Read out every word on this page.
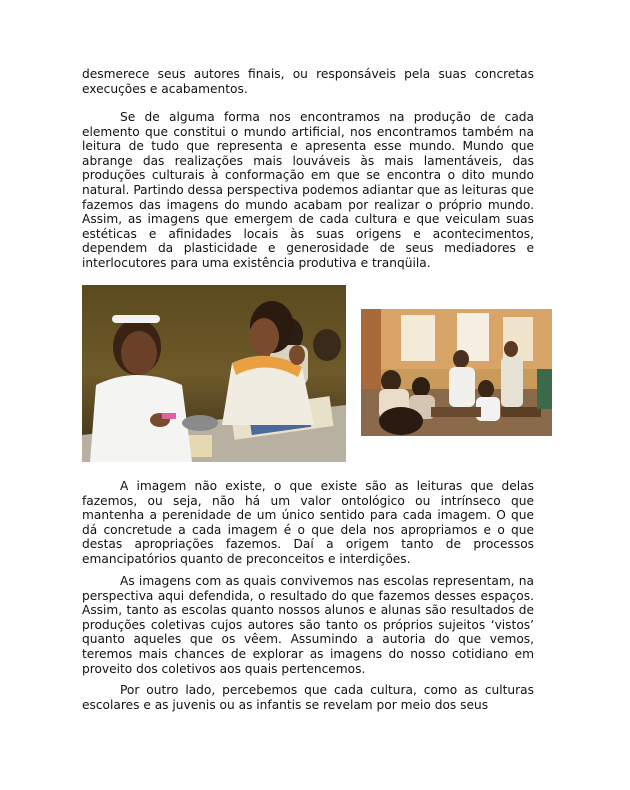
desmerece seus autores finais, ou responsáveis pela suas concretas execuções e acabamentos.

Se de alguma forma nos encontramos na produção de cada elemento que constitui o mundo artificial, nos encontramos também na leitura de tudo que representa e apresenta esse mundo. Mundo que abrange das realizações mais louváveis às mais lamentáveis, das produções culturais à conformação em que se encontra o dito mundo natural. Partindo dessa perspectiva podemos adiantar que as leituras que fazemos das imagens do mundo acabam por realizar o próprio mundo. Assim, as imagens que emergem de cada cultura e que veiculam suas estéticas e afinidades locais às suas origens e acontecimentos, dependem da plasticidade e generosidade de seus mediadores e interlocutores para uma existência produtiva e tranqüila.

A imagem não existe, o que existe são as leituras que delas fazemos, ou seja, não há um valor ontológico ou intrínseco que mantenha a perenidade de um único sentido para cada imagem. O que dá concretude a cada imagem é o que dela nos apropriamos e o que destas apropriações fazemos. Daí a origem tanto de processos emancipatórios quanto de preconceitos e interdições.

As imagens com as quais convivemos nas escolas representam, na perspectiva aqui defendida, o resultado do que fazemos desses espaços. Assim, tanto as escolas quanto nossos alunos e alunas são resultados de produções coletivas cujos autores são tanto os próprios sujeitos ‘vistos’ quanto aqueles que os vêem. Assumindo a autoria do que vemos, teremos mais chances de explorar as imagens do nosso cotidiano em proveito dos coletivos aos quais pertencemos.

Por outro lado, percebemos que cada cultura, como as culturas escolares e as juvenis ou as infantis se revelam por meio dos seus
